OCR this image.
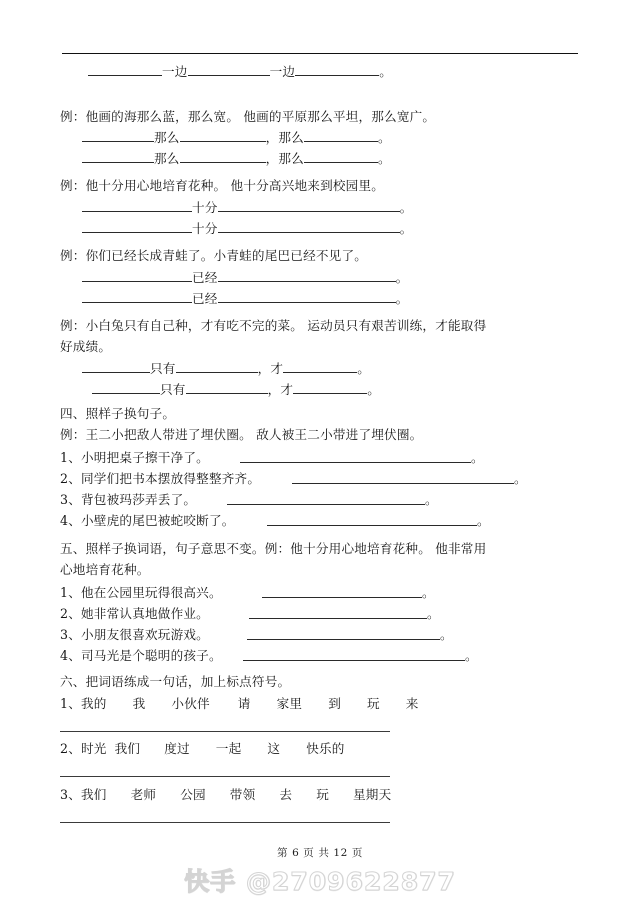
一边	一边	。
例：他画的海那么蓝，那么宽。 他画的平原那么平坦，那么宽广。
那么	，那么	。
那么	，那么	。
例：他十分用心地培育花种。 他十分高兴地来到校园里。
十分	。
十分	。
例：你们已经长成青蛙了。小青蛙的尾巴已经不见了。
已经	。
已经	。
例：小白兔只有自己种，才有吃不完的菜。 运动员只有艰苦训练，才能取得
好成绩。
只有	，才	。
只有	，才	。
四、照样子换句子。
例：王二小把敌人带进了埋伏圈。 敌人被王二小带进了埋伏圈。
1、小明把桌子擦干净了。	。
2、同学们把书本摆放得整整齐齐。	。
3、背包被玛莎弄丢了。	。
4、小壁虎的尾巴被蛇咬断了。	。
五、照样子换词语，句子意思不变。例：他十分用心地培育花种。 他非常用
心地培育花种。
1、他在公园里玩得很高兴。	。
2、她非常认真地做作业。	。
3、小朋友很喜欢玩游戏。	。
4、司马光是个聪明的孩子。	。
六、把词语练成一句话，加上标点符号。
1、我的 我 小伙伴 请 家里 到 玩 来
2、时光 我们 度过 一起 这 快乐的
3、我们 老师 公园 带领 去 玩 星期天
第 6 页 共 12 页
快手 @2709622877
